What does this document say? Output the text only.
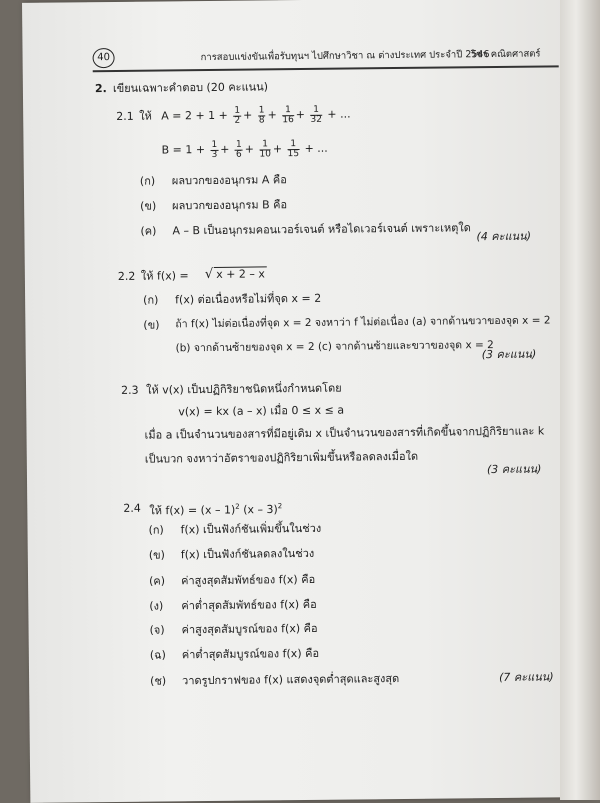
40	การสอบแข่งขันเพื่อรับทุนฯ ไปศึกษาวิชา ณ ต่างประเทศ ประจำปี 2546
วิชา คณิตศาสตร์
2. เขียนเฉพาะคำตอบ (20 คะแนน)
2.1 ให้ $A = 2 + 1 + \frac{1}{2} + \frac{1}{8} + \frac{1}{16} + \frac{1}{32}$ + ...
$B = 1 + \frac{1}{3} + \frac{1}{6} + \frac{1}{10} + \frac{1}{15}$ + ...
(ก) ผลบวกของอนุกรม A คือ
(ข) ผลบวกของอนุกรม B คือ
(ค) A – B เป็นอนุกรมคอนเวอร์เจนต์ หรือไดเวอร์เจนต์ เพราะเหตุใด (4 คะแนน)
2.2 ให้ f(x) = √ x + 2 – x
(ก) f(x) ต่อเนื่องหรือไม่ที่จุด x = 2
(ข) ถ้า f(x) ไม่ต่อเนื่องที่จุด x = 2 จงหาว่า f ไม่ต่อเนื่อง (a) จากด้านขวาของจุด x = 2
(b) จากด้านซ้ายของจุด x = 2 (c) จากด้านซ้ายและขวาของจุด x = 2
(3 คะแนน)
2.3 ให้ v(x) เป็นปฏิกิริยาชนิดหนึ่งกำหนดโดย
v(x) = kx (a – x) เมื่อ 0 ≤ x ≤ a
เมื่อ a เป็นจำนวนของสารที่มีอยู่เดิม x เป็นจำนวนของสารที่เกิดขึ้นจากปฏิกิริยาและ k
เป็นบวก จงหาว่าอัตราของปฏิกิริยาเพิ่มขึ้นหรือลดลงเมื่อใด
(3 คะแนน)
2.4 ให้ f(x) = (x – 1)$^2$ (x – 3)$^2$
(ก) f(x) เป็นฟังก์ชันเพิ่มขึ้นในช่วง
(ข) f(x) เป็นฟังก์ชันลดลงในช่วง
(ค) ค่าสูงสุดสัมพัทธ์ของ f(x) คือ
(ง) ค่าต่ำสุดสัมพัทธ์ของ f(x) คือ
(จ) ค่าสูงสุดสัมบูรณ์ของ f(x) คือ
(ฉ) ค่าต่ำสุดสัมบูรณ์ของ f(x) คือ
(ช) วาดรูปกราฟของ f(x) แสดงจุดต่ำสุดและสูงสุด	(7 คะแนน)
